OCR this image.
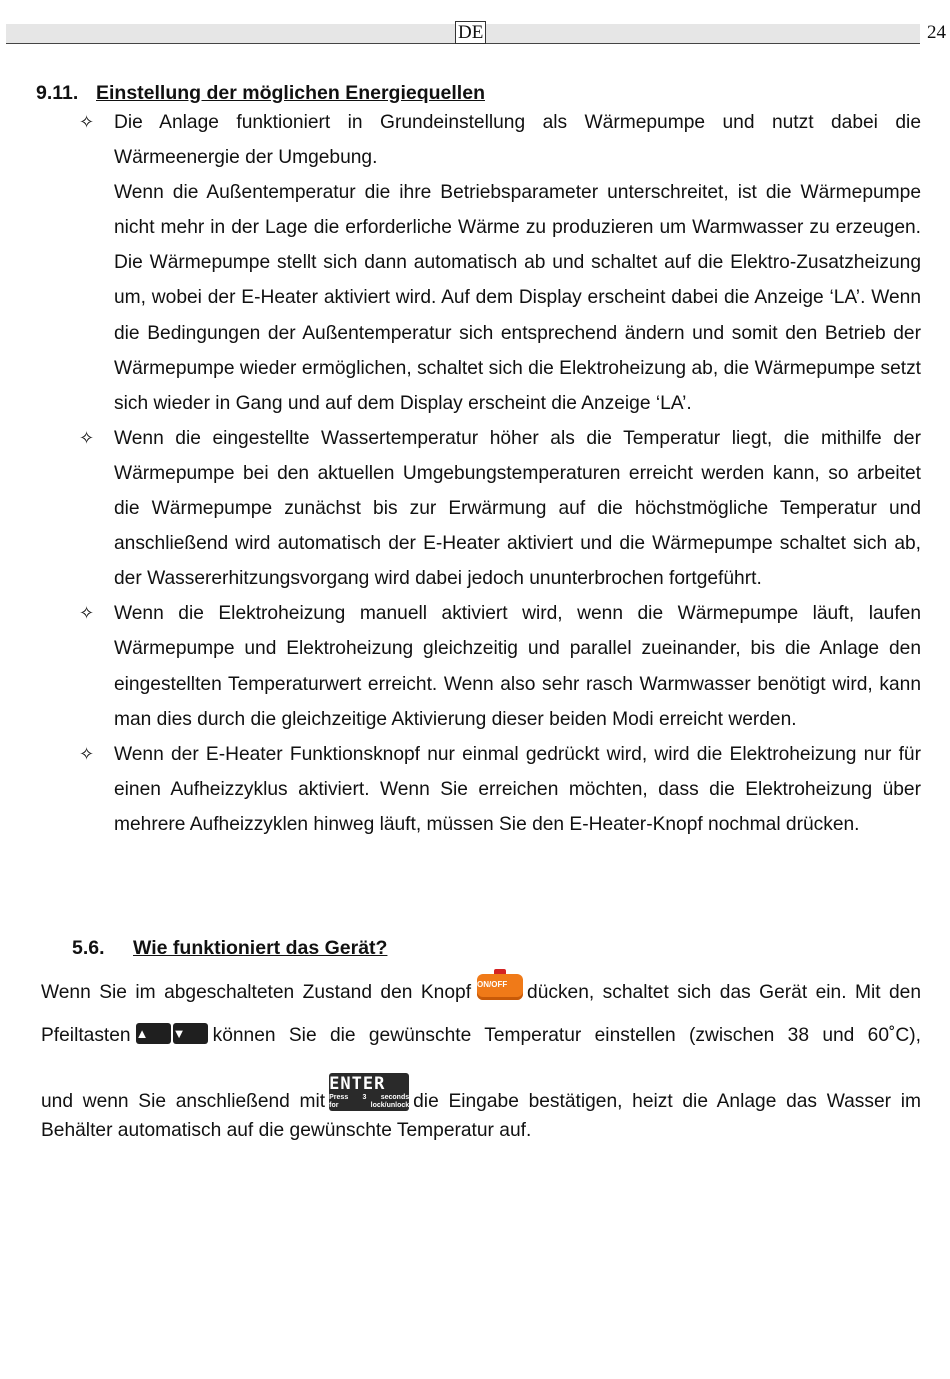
DE	24
9.11. Einstellung der möglichen Energiequellen
✧ Die Anlage funktioniert in Grundeinstellung als Wärmepumpe und nutzt dabei die Wärmeenergie der Umgebung.

Wenn die Außentemperatur die ihre Betriebsparameter unterschreitet, ist die Wärmepumpe nicht mehr in der Lage die erforderliche Wärme zu produzieren um Warmwasser zu erzeugen. Die Wärmepumpe stellt sich dann automatisch ab und schaltet auf die Elektro-Zusatzheizung um, wobei der E-Heater aktiviert wird. Auf dem Display erscheint dabei die Anzeige ‘LA’. Wenn die Bedingungen der Außentemperatur sich entsprechend ändern und somit den Betrieb der Wärmepumpe wieder ermöglichen, schaltet sich die Elektroheizung ab, die Wärmepumpe setzt sich wieder in Gang und auf dem Display erscheint die Anzeige ‘LA’.

✧ Wenn die eingestellte Wassertemperatur höher als die Temperatur liegt, die mithilfe der Wärmepumpe bei den aktuellen Umgebungstemperaturen erreicht werden kann, so arbeitet die Wärmepumpe zunächst bis zur Erwärmung auf die höchstmögliche Temperatur und anschließend wird automatisch der E-Heater aktiviert und die Wärmepumpe schaltet sich ab, der Wassererhitzungsvorgang wird dabei jedoch ununterbrochen fortgeführt.

✧ Wenn die Elektroheizung manuell aktiviert wird, wenn die Wärmepumpe läuft, laufen Wärmepumpe und Elektroheizung gleichzeitig und parallel zueinander, bis die Anlage den eingestellten Temperaturwert erreicht. Wenn also sehr rasch Warmwasser benötigt wird, kann man dies durch die gleichzeitige Aktivierung dieser beiden Modi erreicht werden.

✧ Wenn der E-Heater Funktionsknopf nur einmal gedrückt wird, wird die Elektroheizung nur für einen Aufheizzyklus aktiviert. Wenn Sie erreichen möchten, dass die Elektroheizung über mehrere Aufheizzyklen hinweg läuft, müssen Sie den E-Heater-Knopf nochmal drücken.

5.6. Wie funktioniert das Gerät?
Wenn Sie im abgeschalteten Zustand den Knopf ON/OFF	dücken, schaltet sich das Gerät ein. Mit den
Pfeiltasten ▲ ▼ können Sie die gewünschte Temperatur einstellen (zwischen 38 und 60˚C),
und wenn Sie anschließend mit
ENTER
Press 3 seconds
for lock/unlock die Eingabe bestätigen, heizt die Anlage das Wasser im
Behälter automatisch auf die gewünschte Temperatur auf.
